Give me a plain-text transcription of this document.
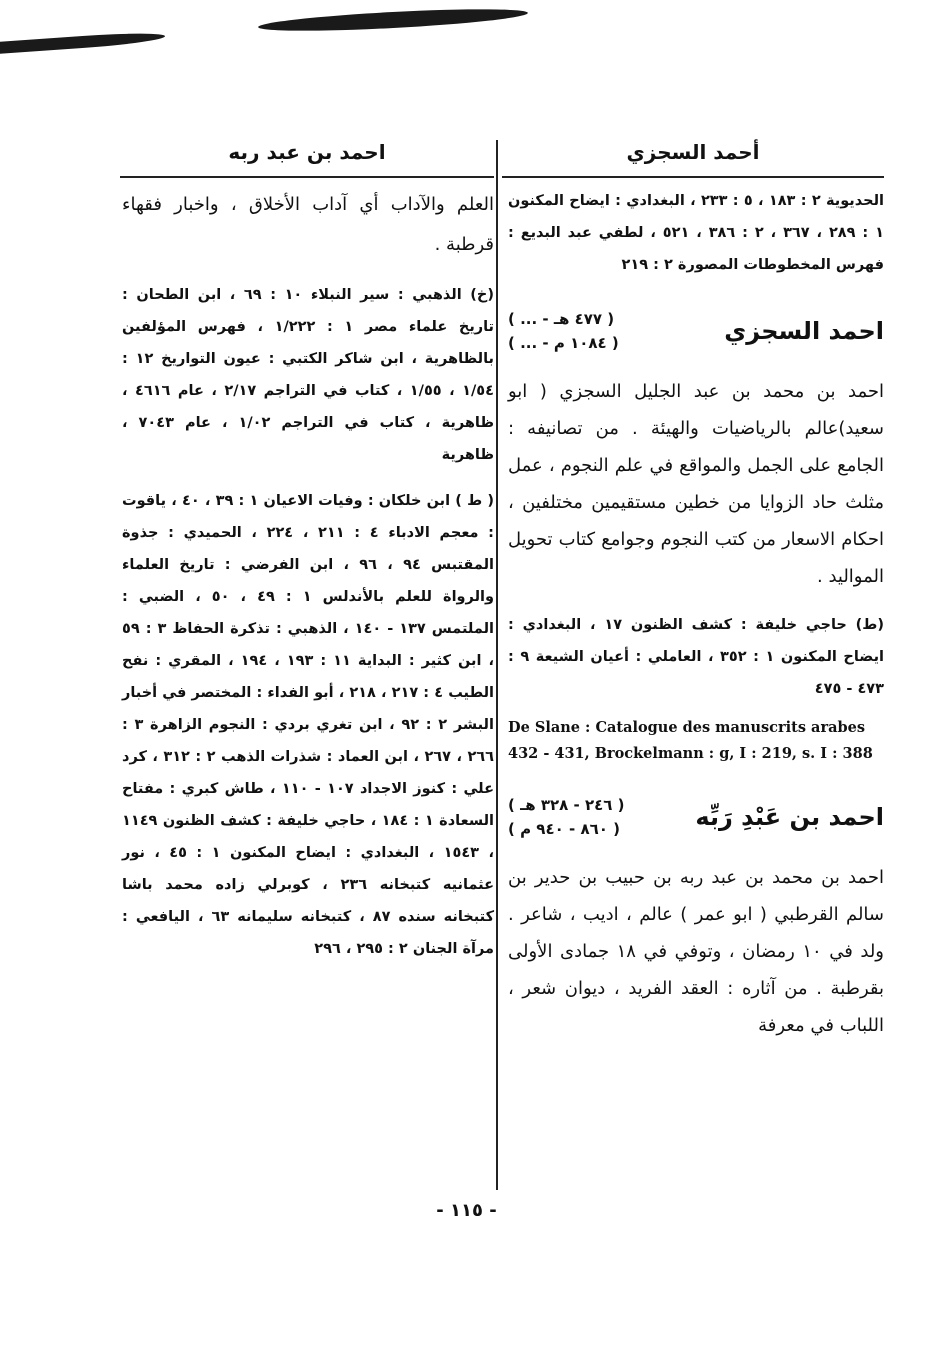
أحمد السجزي
احمد بن عبد ربه

الحديوية ٢ : ١٨٣ ، ٥ : ٢٣٣ ، البغدادي : ايضاح المكنون ١ : ٢٨٩ ، ٣٦٧ ، ٢ : ٣٨٦ ، ٥٢١ ، لطفي عبد البديع : فهرس المخطوطات المصورة ٢ : ٢١٩

احمد السجزي
( ... - ٤٧٧ هـ )
( ... - ١٠٨٤ م )

احمد بن محمد بن عبد الجليل السجزي ( ابو سعيد)عالم بالرياضيات والهيئة . من تصانيفه : الجامع على الجمل والمواقع في علم النجوم ، عمل مثلث حاد الزوايا من خطين مستقيمين مختلفين ، احكام الاسعار من كتب النجوم وجوامع كتاب تحويل المواليد .

(ط) حاجي خليفة : كشف الظنون ١٧ ، البغدادي : ايضاح المكنون ١ : ٣٥٢ ، العاملي : أعيان الشيعة ٩ : ٤٧٣ - ٤٧٥

De Slane : Catalogue des manuscrits arabes 432 - 431, Brockelmann : g, I : 219, s. I : 388

احمد بن عَبْدِ رَبِّه
( ٢٤٦ - ٣٢٨ هـ )
( ٨٦٠ - ٩٤٠ م )

احمد بن محمد بن عبد ربه بن حبيب بن حدير بن سالم القرطبي ( ابو عمر ) عالم ، اديب ، شاعر . ولد في ١٠ رمضان ، وتوفي في ١٨ جمادى الأولى بقرطبة . من آثاره : العقد الفريد ، ديوان شعر ، اللباب في معرفة

العلم والآداب أي آداب الأخلاق ، واخبار فقهاء قرطبة .

(خ) الذهبي : سير النبلاء ١٠ : ٦٩ ، ابن الطحان : تاريخ علماء مصر ١ : ١/٢٢٢ ، فهرس المؤلفين بالظاهرية ، ابن شاكر الكتبي : عيون التواريخ ١٢ : ١/٥٤ ، ١/٥٥ ، كتاب في التراجم ٢/١٧ ، عام ٤٦١٦ ، ظاهرية ، كتاب في التراجم ١/٠٢ ، عام ٧٠٤٣ ، ظاهرية

( ط ) ابن خلكان : وفيات الاعيان ١ : ٣٩ ، ٤٠ ، ياقوت : معجم الادباء ٤ : ٢١١ ، ٢٢٤ ، الحميدي : جذوة المقتبس ٩٤ ، ٩٦ ، ابن الفرضي : تاريخ العلماء والرواة للعلم بالأندلس ١ : ٤٩ ، ٥٠ ، الضبي : الملتمس ١٣٧ - ١٤٠ ، الذهبي : تذكرة الحفاظ ٣ : ٥٩ ، ابن كثير : البداية ١١ : ١٩٣ ، ١٩٤ ، المقري : نفح الطيب ٤ : ٢١٧ ، ٢١٨ ، أبو الفداء : المختصر في أخبار البشر ٢ : ٩٢ ، ابن تغري بردي : النجوم الزاهرة ٣ : ٢٦٦ ، ٢٦٧ ، ابن العماد : شذرات الذهب ٢ : ٣١٢ ، كرد علي : كنوز الاجداد ١٠٧ - ١١٠ ، طاش كبري : مفتاح السعادة ١ : ١٨٤ ، حاجي خليفة : كشف الظنون ١١٤٩ ، ١٥٤٣ ، البغدادي : ايضاح المكنون ١ : ٤٥ ، نور عثمانيه كتبخانه ٢٣٦ ، كوبرلي زاده محمد باشا كتبخانه سنده ٨٧ ، كتبخانه سليمانه ٦٣ ، اليافعي : مرآة الجنان ٢ : ٢٩٥ ، ٢٩٦

- ١١٥ -
